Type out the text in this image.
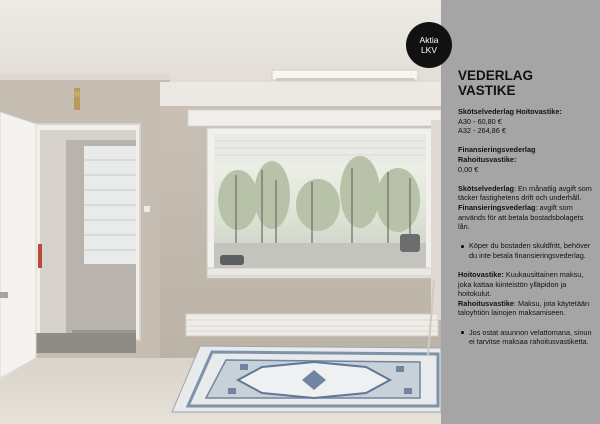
Aktia
LKV
VEDERLAG
VASTIKE

Skötselvederlag Hoitovastike:

A30 - 60,80 €

A32 - 264,86 €

Finansieringsvederlag

Rahoitusvastike:

0,00 €

Skötselvederlag: En månatlig avgift som täcker fastighetens drift och underhåll.

Finansieringsvederlag: avgift som används för att betala bostadsbolagets lån.

Köper du bostaden skuldfritt, behöver du inte betala finansieringsvederlag.

Hoitovastike: Kuukausittainen maksu, joka kattaa kiinteistön ylläpidon ja hoitokulut.

Rahoitusvastike: Maksu, jota käytetään taloyhtiön lainojen maksamiseen.

Jos ostat asunnon velattomana, sinun ei tarvitse maksaa rahoitusvastiketta.
